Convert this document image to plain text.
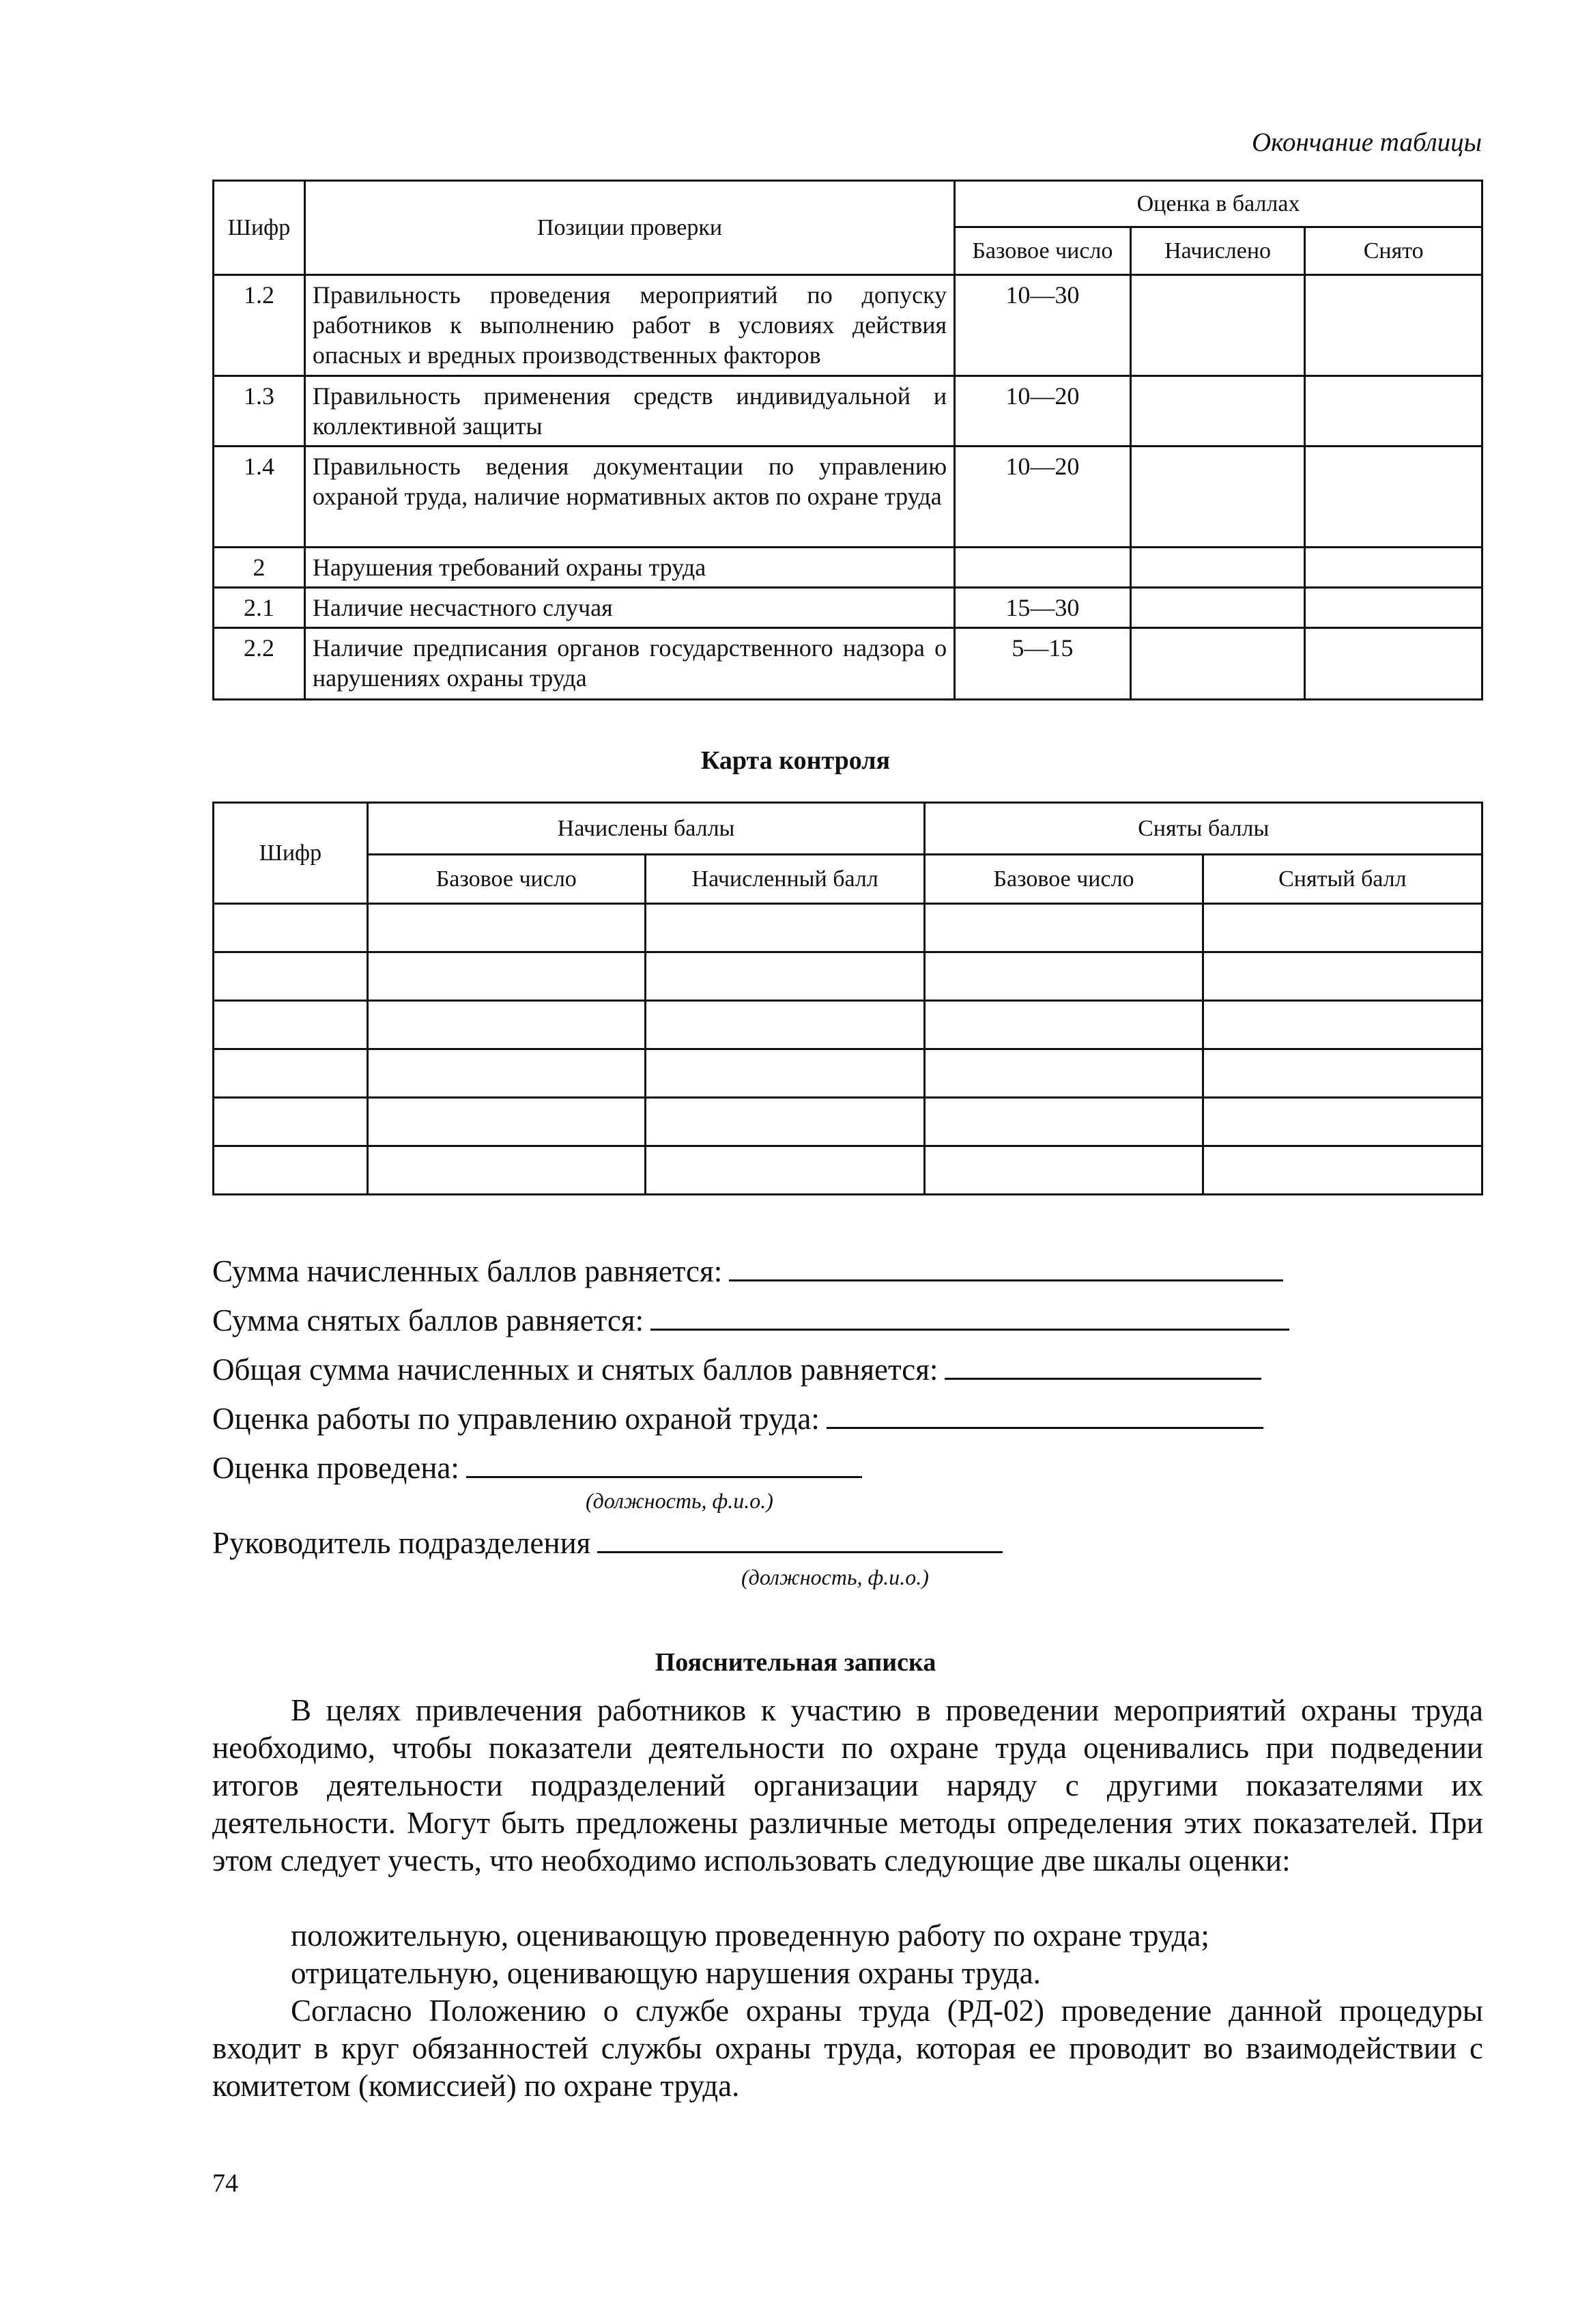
Окончание таблицы
Шифр	Позиции проверки	Оценка в баллах		
		Базовое число	Начислено	Снято
1.2	Правильность проведения мероприятий по допуску работников к выполнению работ в условиях действия опасных и вредных производственных факторов	10—30		
1.3	Правильность применения средств индивидуальной и коллективной защиты	10—20		
1.4	Правильность ведения документации по управлению охраной труда, наличие нормативных актов по охране труда	10—20		
2	Нарушения требований охраны труда			
2.1	Наличие несчастного случая	15—30		
2.2	Наличие предписания органов государственного надзора о нарушениях охраны труда	5—15		
Карта контроля
Шифр	Начислены баллы		Сняты баллы	
	Базовое число	Начисленный балл	Базовое число	Снятый балл

Сумма начисленных баллов равняется:
Сумма снятых баллов равняется:
Общая сумма начисленных и снятых баллов равняется:
Оценка работы по управлению охраной труда:
Оценка проведена:
(должность, ф.и.о.)
Руководитель подразделения
(должность, ф.и.о.)
Пояснительная записка

В целях привлечения работников к участию в проведении мероприятий охраны труда необходимо, чтобы показатели деятельности по охране труда оценивались при подведении итогов деятельности подразделений организации наряду с другими показателями их деятельности. Могут быть предложены различные методы определения этих показателей. При этом следует учесть, что необходимо использовать следующие две шкалы оценки:

положительную, оценивающую проведенную работу по охране труда;

отрицательную, оценивающую нарушения охраны труда.

Согласно Положению о службе охраны труда (РД-02) проведение данной процедуры входит в круг обязанностей службы охраны труда, которая ее проводит во взаимодействии с комитетом (комиссией) по охране труда.

74
